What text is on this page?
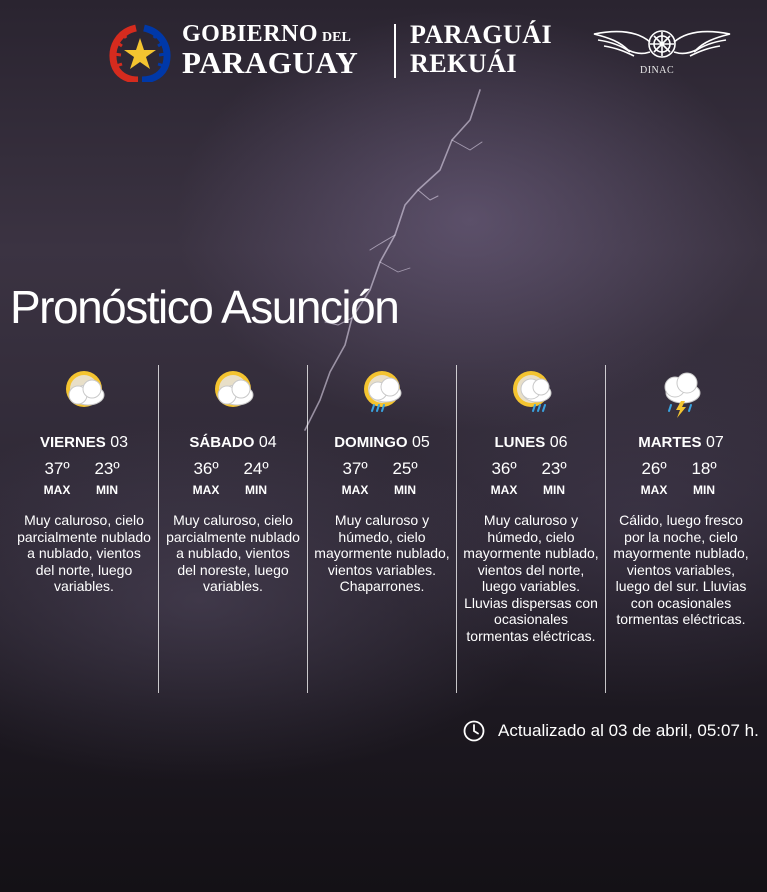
GOBIERNO DEL
PARAGUAY
PARAGUÁI
REKUÁI	DINAC
Pronóstico Asunción
VIERNES 03
37º
MAX
23º
MIN
Muy caluroso, cielo parcialmente nublado a nublado, vientos del norte, luego variables.
SÁBADO 04
36º
MAX
24º
MIN
Muy caluroso, cielo parcialmente nublado a nublado, vientos del noreste, luego variables.
DOMINGO 05
37º
MAX
25º
MIN
Muy caluroso y húmedo, cielo mayormente nublado, vientos variables. Chaparrones.
LUNES 06
36º
MAX
23º
MIN
Muy caluroso y húmedo, cielo mayormente nublado, vientos del norte, luego variables. Lluvias dispersas con ocasionales tormentas eléctricas.
MARTES 07
26º
MAX
18º
MIN
Cálido, luego fresco por la noche, cielo mayormente nublado, vientos variables, luego del sur. Lluvias con ocasionales tormentas eléctricas.
Actualizado al 03 de abril, 05:07 h.
